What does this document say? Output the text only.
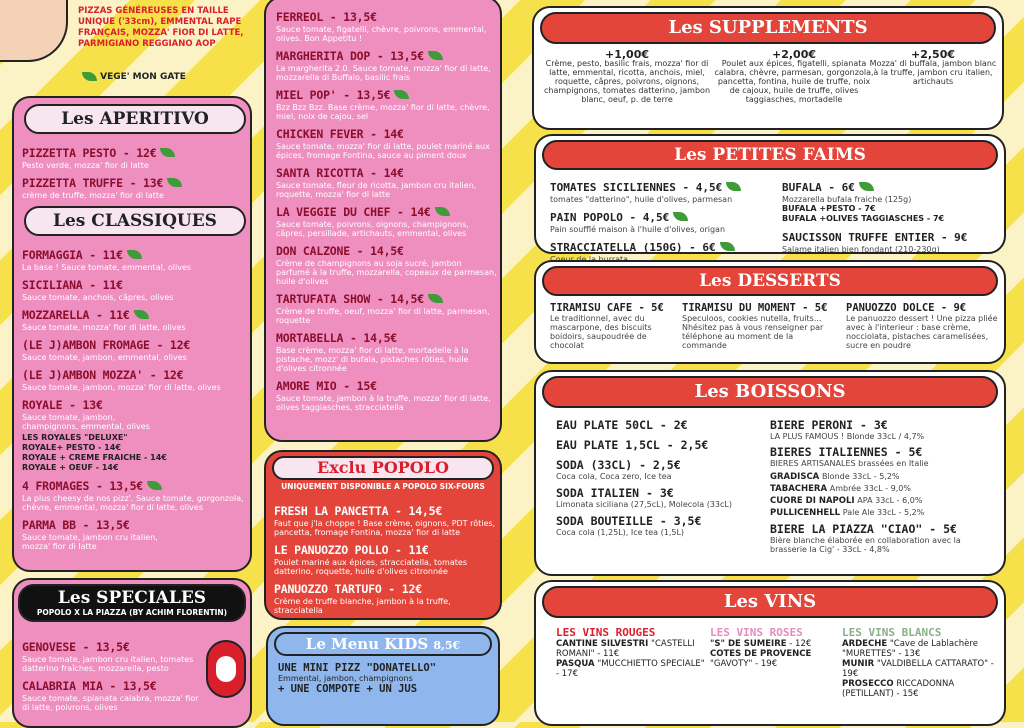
PIZZAS GÉNÉREUSES EN TAILLE UNIQUE ('33cm), EMMENTAL RAPE FRANÇAIS, MOZZA' FIOR DI LATTE, PARMIGIANO REGGIANO AOP
VEGE' MON GATE
Les APERITIVO
PIZZETTA PESTO - 12€
Pesto verde, mozza' fior di latte
PIZZETTA TRUFFE - 13€
crème de truffe, mozza' fior di latte
Les CLASSIQUES
FORMAGGIA - 11€
La base ! Sauce tomate, emmental, olives
SICILIANA - 11€
Sauce tomate, anchois, câpres, olives
MOZZARELLA - 11€
Sauce tomate, mozza' fior di latte, olives
(LE J)AMBON FROMAGE - 12€
Sauce tomate, jambon, emmental, olives
(LE J)AMBON MOZZA' - 12€
Sauce tomate, jambon, mozza' fior di latte, olives
ROYALE - 13€
Sauce tomate, jambon, champignons, emmental, olives
LES ROYALES "DELUXE"
ROYALE+ PESTO - 14€
ROYALE + CREME FRAICHE - 14€
ROYALE + OEUF - 14€
4 FROMAGES - 13,5€
La plus cheesy de nos pizz'. Sauce tomate, gorgonzola, chèvre, emmental, mozza' fior di latte, olives
PARMA BB - 13,5€
Sauce tomate, jambon cru italien, mozza' fior di latte
Les SPECIALES
POPOLO X LA PIAZZA (BY ACHIM FLORENTIN)
GENOVESE - 13,5€
Sauce tomate, jambon cru italien, tomates datterino fraîches, mozzarella, pesto
CALABRIA MIA - 13,5€
Sauce tomate, spianata calabra, mozza' fior di latte, poivrons, olives
FERREOL - 13,5€
Sauce tomate, figatelli, chèvre, poivrons, emmental, olives. Bon Appetitu !
MARGHERITA DOP - 13,5€
La margherita 2.0. Sauce tomate, mozza' fior di latte, mozzarella di Buffalo, basilic frais
MIEL POP' - 13,5€
Bzz Bzz Bzz. Base crème, mozza' fior di latte, chèvre, miel, noix de cajou, sel
CHICKEN FEVER - 14€
Sauce tomate, mozza' fior di latte, poulet mariné aux épices, fromage Fontina, sauce au piment doux
SANTA RICOTTA - 14€
Sauce tomate, fleur de ricotta, jambon cru italien, roquette, mozza' fior di latte
LA VEGGIE DU CHEF - 14€
Sauce tomate, poivrons, oignons, champignons, câpres, persillade, artichauts, emmental, olives
DON CALZONE - 14,5€
Crème de champignons au soja sucré, jambon parfumé à la truffe, mozzarella, copeaux de parmesan, huile d'olives
TARTUFATA SHOW - 14,5€
Crème de truffe, oeuf, mozza' fior di latte, parmesan, roquette
MORTABELLA - 14,5€
Base crème, mozza' fior di latte, mortadelle à la pistache, mozz' di bufala, pistaches rôties, huile d'olives citronnée
AMORE MIO - 15€
Sauce tomate, jambon à la truffe, mozza' fior di latte, olives taggiasches, stracciatella
Exclu POPOLO
UNIQUEMENT DISPONIBLE A POPOLO SIX-FOURS
FRESH LA PANCETTA - 14,5€
Faut que j'la choppe ! Base crème, oignons, PDT rôties, pancetta, fromage Fontina, mozza' fior di latte
LE PANUOZZO POLLO - 11€
Poulet mariné aux épices, stracciatella, tomates datterino, roquette, huile d'olives citronnée
PANUOZZO TARTUFO - 12€
Crème de truffe blanche, jambon à la truffe, stracciatella
Le Menu KIDS 8,5€
UNE MINI PIZZ "DONATELLO"
Emmental, jambon, champignons
+ UNE COMPOTE + UN JUS
Les SUPPLEMENTS
+1,00€
Crème, pesto, basilic frais, mozza' fior di latte, emmental, ricotta, anchois, miel, roquette, câpres, poivrons, oignons, champignons, tomates datterino, jambon blanc, oeuf, p. de terre
+2,00€
Poulet aux épices, figatelli, spianata calabra, chèvre, parmesan, gorgonzola, pancetta, fontina, huile de truffe, noix de cajoux, huile de truffe, olives taggiasches, mortadelle
+2,50€
Mozza' di buffala, jambon blanc à la truffe, jambon cru italien, artichauts
Les PETITES FAIMS
TOMATES SICILIENNES - 4,5€
tomates "datterino", huile d'olives, parmesan
PAIN POPOLO - 4,5€
Pain soufflé maison à l'huile d'olives, origan
STRACCIATELLA (150G) - 6€
BUFALA - 6€
Mozzarella bufala fraiche (125g)
BUFALA +PESTO - 7€
BUFALA +OLIVES TAGGIASCHES - 7€
SAUCISSON TRUFFE ENTIER - 9€
Salame italien bien fondant (210-230g)
Les DESSERTS
TIRAMISU CAFE - 5€
Le traditionnel, avec du mascarpone, des biscuits boidoirs, saupoudrée de chocolat
TIRAMISU DU MOMENT - 5€
Speculoos, cookies nutella, fruits... Nhésitez pas à vous renseigner par téléphone au moment de la commande
PANUOZZO DOLCE - 9€
Le panuozzo dessert ! Une pizza pliée avec à l'interieur : base crème, nocciolata, pistaches caramelisées, sucre en poudre
Les BOISSONS
EAU PLATE 50CL - 2€
EAU PLATE 1,5CL - 2,5€
SODA (33CL) - 2,5€
Coca cola, Coca zero, Ice tea
SODA ITALIEN - 3€
Limonata siciliana (27,5cL), Molecola (33cL)
SODA BOUTEILLE - 3,5€
Coca cola (1,25L), Ice tea (1,5L)
BIERE PERONI - 3€
LA PLUS FAMOUS ! Blonde 33cL / 4,7%
BIERES ITALIENNES - 5€
BIERES ARTISANALES brassées en Italie
GRADISCA Blonde 33cL - 5,2%
TABACHERA Ambrée 33cL - 9,0%
CUORE DI NAPOLI APA 33cL - 6,0%
PULLICENHELL Pale Ale 33cL - 5,2%
BIERE LA PIAZZA "CIAO" - 5€
Bière blanche élaborée en collaboration avec la brasserie la Cig' - 33cL - 4,8%
Les VINS
LES VINS ROUGES
CANTINE SILVESTRI "CASTELLI ROMANI" - 11€
PASQUA "MUCCHIETTO SPECIALE" - 17€
LES VINS ROSES
"S" DE SUMEIRE - 12€
COTES DE PROVENCE "GAVOTY" - 19€
LES VINS BLANCS
ARDECHE "Cave de Lablachère "MURETTES" - 13€
MUNIR "VALDIBELLA CATTARATO" - 19€
PROSECCO RICCADONNA (PETILLANT) - 15€
